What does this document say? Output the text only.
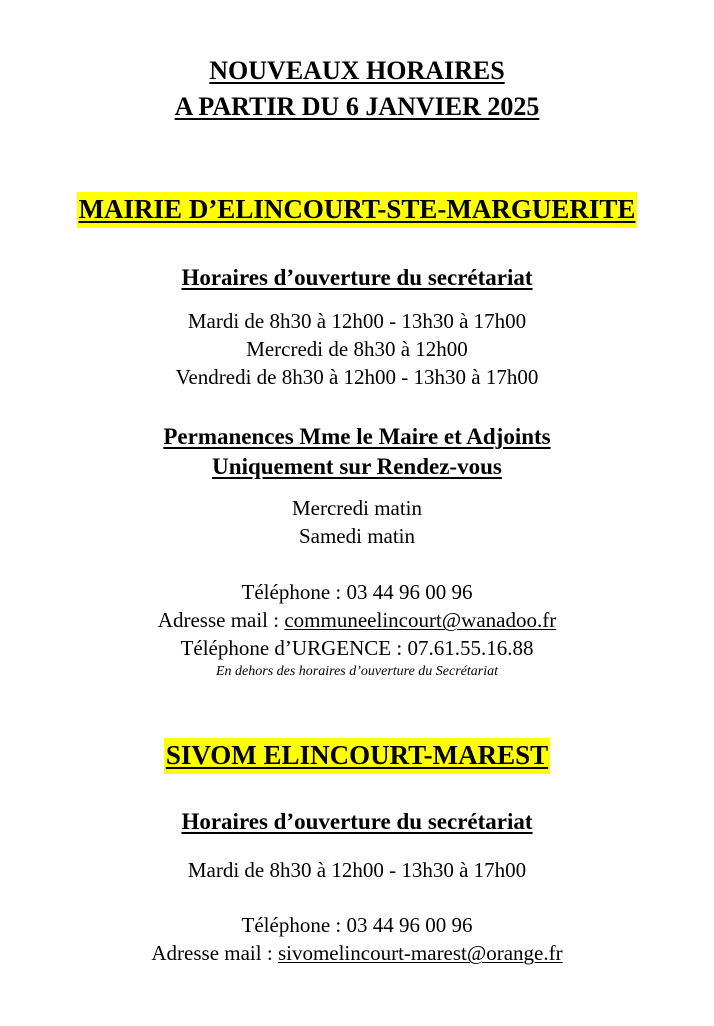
NOUVEAUX HORAIRES
A PARTIR DU 6 JANVIER 2025
MAIRIE D’ELINCOURT-STE-MARGUERITE
Horaires d’ouverture du secrétariat
Mardi de 8h30 à 12h00 - 13h30 à 17h00
Mercredi de 8h30 à 12h00
Vendredi de 8h30 à 12h00 - 13h30 à 17h00
Permanences Mme le Maire et Adjoints
Uniquement sur Rendez-vous
Mercredi matin
Samedi matin
Téléphone : 03 44 96 00 96
Adresse mail : communeelincourt@wanadoo.fr
Téléphone d’URGENCE : 07.61.55.16.88
En dehors des horaires d’ouverture du Secrétariat
SIVOM ELINCOURT-MAREST
Horaires d’ouverture du secrétariat
Mardi de 8h30 à 12h00 - 13h30 à 17h00
Téléphone : 03 44 96 00 96
Adresse mail : sivomelincourt-marest@orange.fr
